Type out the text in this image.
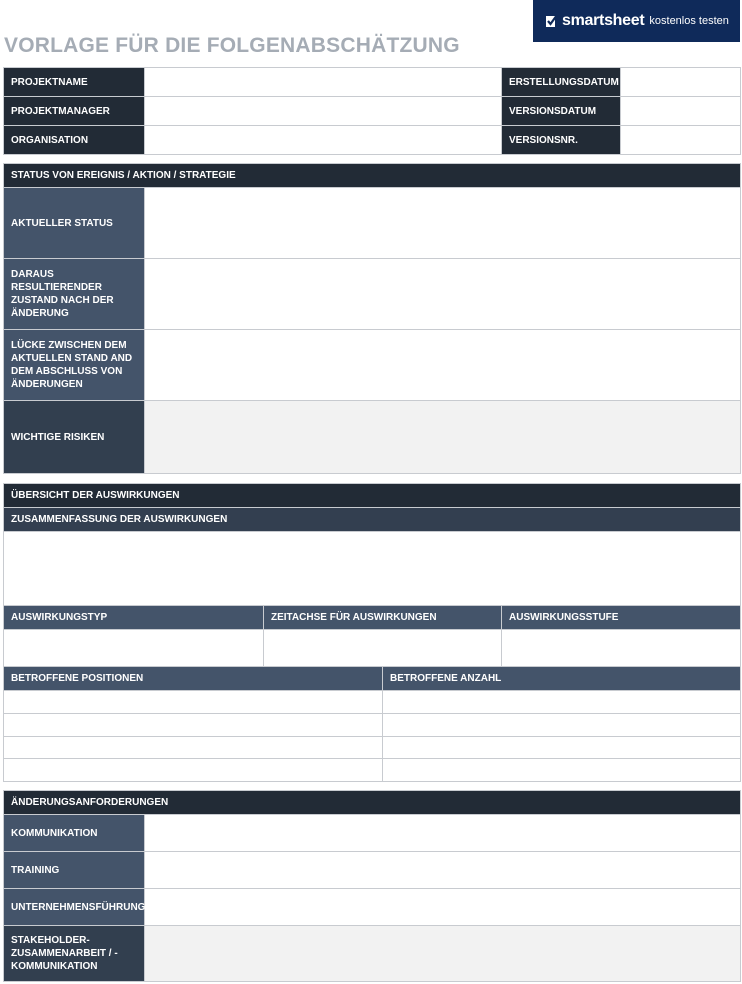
VORLAGE FÜR DIE FOLGENABSCHÄTZUNG
smartsheet kostenlos testen
PROJEKTNAME		ERSTELLUNGSDATUM	
PROJEKTMANAGER		VERSIONSDATUM	
ORGANISATION		VERSIONSNR.	
STATUS VON EREIGNIS / AKTION / STRATEGIE	
AKTUELLER STATUS	
DARAUS RESULTIERENDER ZUSTAND NACH DER ÄNDERUNG	
LÜCKE ZWISCHEN DEM AKTUELLEN STAND AND DEM ABSCHLUSS VON ÄNDERUNGEN	
WICHTIGE RISIKEN	
ÜBERSICHT DER AUSWIRKUNGEN		
ZUSAMMENFASSUNG DER AUSWIRKUNGEN		

AUSWIRKUNGSTYP	ZEITACHSE FÜR AUSWIRKUNGEN	AUSWIRKUNGSSTUFE

BETROFFENE POSITIONEN	BETROFFENE ANZAHL

ÄNDERUNGSANFORDERUNGEN	
KOMMUNIKATION	
TRAINING	
UNTERNEHMENSFÜHRUNG	
STAKEHOLDER-ZUSAMMENARBEIT / -KOMMUNIKATION	
